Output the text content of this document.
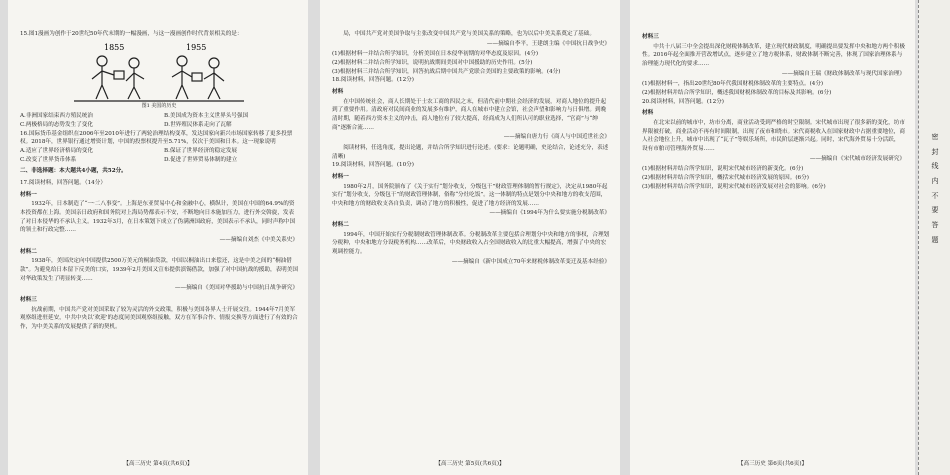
15.图1漫画为创作于20世纪50年代末期的一幅漫画，与这一漫画创作时代背景相关的是：

1855	1955
图1 美国的历史
A.非洲国家结束西方殖民统治	B.美国成为资本主义世界头号强国
C.两极格局的态势发生了变化	D.世界殖民体系走向了瓦解

16.国际货币基金组织在2006年至2010年进行了两轮治理结构变革，发达国家向新兴市场国家转移了更多投票权。2018年，世界银行通过增资计划，中国的投票权提升至5.71%，仅次于美国和日本。这一现象说明

A.适应了世界经济格局的变化	B.保证了世界经济的稳定发展
C.改变了世界货币体系	D.促进了世界贸易体制的建立
二、非选择题：本大题共4小题，共52分。

17.阅读材料，回答问题。（14分）

材料一

1932年，日本制造了“一·二八事变”。上海是东亚贸易中心和金融中心，横纵计，美国在中国的64.9%的资本投资都在上海。美国亲日政府和国务院对上海局势都表示不安，不断地向日本施加压力，进行外交斡旋，发表了对日本侵华的不承认主义。1932年3月，在日本策划下成立了伪满洲国政府，美国表示不承认，同时声称中国的领土和行政完整……

——摘编自刘杰《中美关系史》
材料二

1938年，美国决定向中国提供2500万美元的桐油贷款，中国以桐油出口来偿还，这是中美之间的“桐油借款”。为避免给日本留下反美的口实，1939年2月美国又宣布提供滇锡借款，加强了对中国抗战的援助，表明美国对华政策发生了明显转变……

——摘编自《美国对华援助与中国抗日战争研究》
材料三

抗战前期，中国共产党对美国采取了较为灵活的外交政策，积极与美国各界人士开展交往。1944年7月美军观察组进驻延安，中共中央以‘欢迎’的态度同美国观察组接触，双方在军事合作、情报交换等方面进行了有效的合作，为中美关系的发展提供了新的契机。

【高三历史 第4页(共6页)】

局，中国共产党对美国争取与主张改变中国共产党与美国关系的策略，也为以后中美关系奠定了基础。

——摘编自李平，王建朗主编《中国抗日战争史》

(1)根据材料一并结合所学知识，分析美国在日本侵华初期的对华态度及原因。(4分)

(2)根据材料二并结合所学知识，说明抗战期间美国对中国援助的历史作用。(5分)

(3)根据材料三并结合所学知识，回答抗战后期中国共产党联合美国的主要政策的影响。(4分)

18.阅读材料，回答问题。(12分)

材料

在中国传统社会，商人长期处于士农工商的四民之末，但清代前中期社会经济的发展，对商人地位的提升起到了重要作用。清政府对民间商业的发展多有维护，商人在城市中建立会馆，社会声望和影响力与日俱增。到晚清时期，随着西方资本主义的冲击，商人地位有了较大提高，经商成为人们所认可的职业选择，“官商”与“绅商”逐渐合流……

——摘编自唐力行《商人与中国近世社会》

阅读材料，任选角度，提出论题，并结合所学知识进行论述。(要求：论题明确，史论结合，论述充分，表述清晰)

19.阅读材料，回答问题。(10分)

材料一

1980年2月，国务院颁布了《关于实行“划分收支，分级包干”财政管理体制的暂行规定》，决定从1980年起实行“划分收支，分级包干”的财政管理体制，俗称“分灶吃饭”。这一体制的特点是划分中央和地方的收支范围，中央和地方的财政收支各自负责，调动了地方的积极性，促进了地方经济的发展……

——摘编自《1994年为什么要实施分税制改革》
材料二

1994年，中国开始实行分税制财政管理体制改革。分税制改革主要包括合理划分中央和地方的事权，合理划分税种，中央和地方分设税务机构……改革后，中央财政收入占全国财政收入的比重大幅提高，增强了中央的宏观调控能力。

——摘编自《新中国成立70年来财税体制改革变迁及基本经验》
【高三历史 第5页(共6页)】
材料三

中共十八届三中全会提出深化财税体制改革，建立现代财政制度，明确提出要发挥中央和地方两个积极性。2016年起全面推开营改增试点，逐步建立了地方税体系，财政体制不断完善，体现了国家治理体系与治理能力现代化的要求……

——摘编自王瑞《财政体制改革与现代国家治理》

(1)根据材料一，指出20世纪80年代我国财税体制改革的主要特点。(4分)

(2)根据材料并结合所学知识，概述我国财税体制改革的目标及其影响。(6分)

20.阅读材料，回答问题。(12分)

材料

在北宋以前的城市中，坊市分离，商业活动受到严格的时空限制。宋代城市出现了很多新的变化，坊市界限被打破，商业活动不再有时间限制，出现了夜市和晓市。宋代商税收入在国家财政中占据重要地位，商人社会地位上升，城市中出现了“瓦子”等娱乐场所，市民阶层逐渐兴起。同时，宋代海外贸易十分活跃，设有市舶司管理海外贸易……

——摘编自《宋代城市经济发展研究》

(1)根据材料并结合所学知识，说明宋代城市经济的新变化。(6分)

(2)根据材料并结合所学知识，概括宋代城市经济发展的原因。(6分)

(3)根据材料并结合所学知识，说明宋代城市经济发展对社会的影响。(6分)

【高三历史 第6页(共6页)】
密封线内不要答题
